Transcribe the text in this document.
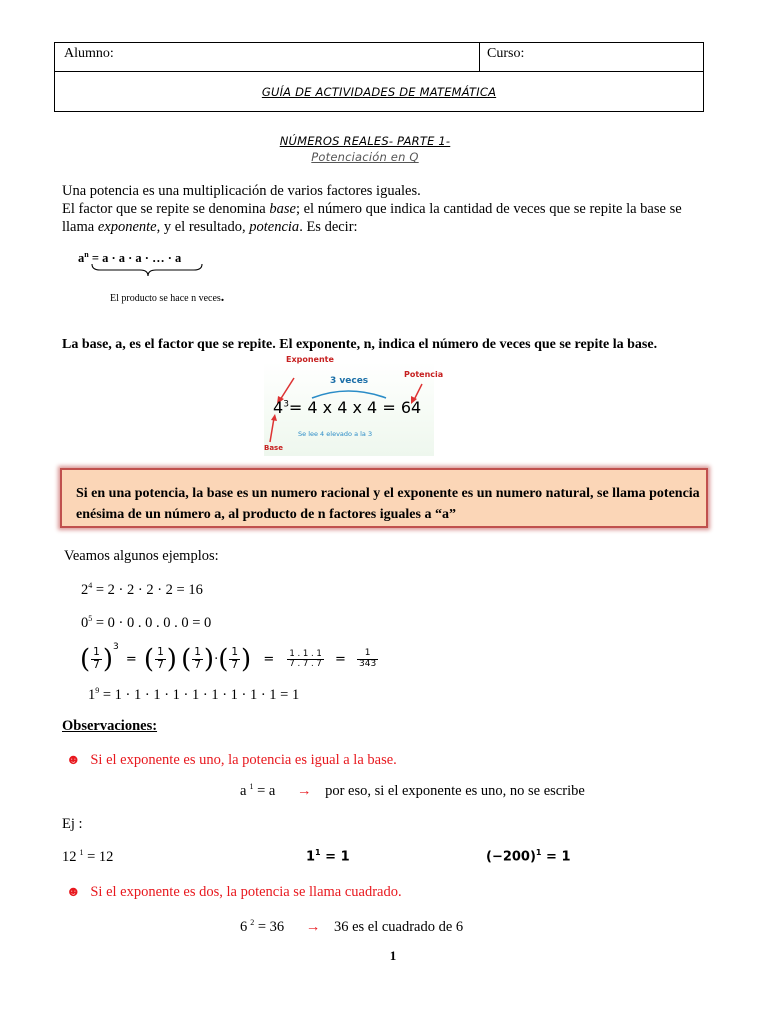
Alumno:	Curso:
GUÍA DE ACTIVIDADES DE MATEMÁTICA
NÚMEROS REALES- PARTE 1-
Potenciación en Q
Una potencia es una multiplicación de varios factores iguales.
El factor que se repite se denomina base; el número que indica la cantidad de veces que se repite la base se
llama exponente, y el resultado, potencia. Es decir:
$a^n = a \cdot a \cdot a$ · … · a
El producto se hace n veces.
La base, a, es el factor que se repite. El exponente, n, indica el número de veces que se repite la base.
Exponente
3 veces
Potencia
$4^3= 4$ x 4 x 4 = 64
Se lee 4 elevado a la 3
Base
Si en una potencia, la base es un numero racional y el exponente es un numero natural, se llama potencia enésima de un número a, al producto de n factores iguales a “a”
Veamos algunos ejemplos:
$2^4 = 2 \cdot 2 \cdot 2 \cdot 2 = 16$
$0^5 = 0 \cdot 0$ . 0 . 0 . 0 = 0
( $\frac{1}{7} )^3$ = ( $\frac{1}{7}$ ) ( $\frac{1}{7}$ )·( $\frac{1}{7}$ ) = $\frac{1 . 1 . 1}{7 . 7 . 7} = \frac{1}{343}$
$1^9 = 1 \cdot 1 \cdot 1 \cdot 1 \cdot 1 \cdot 1 \cdot 1 \cdot 1 \cdot 1 = 1$
Observaciones:
☻ Si el exponente es uno, la potencia es igual a la base.
a $^1$ = a → por eso, si el exponente es uno, no se escribe
Ej :
12 $^1$ = 12	$1^1 = 1$	$(-200)^1 = 1$
☻ Si el exponente es dos, la potencia se llama cuadrado.
6 $^2$ = 36 → 36 es el cuadrado de 6
1
